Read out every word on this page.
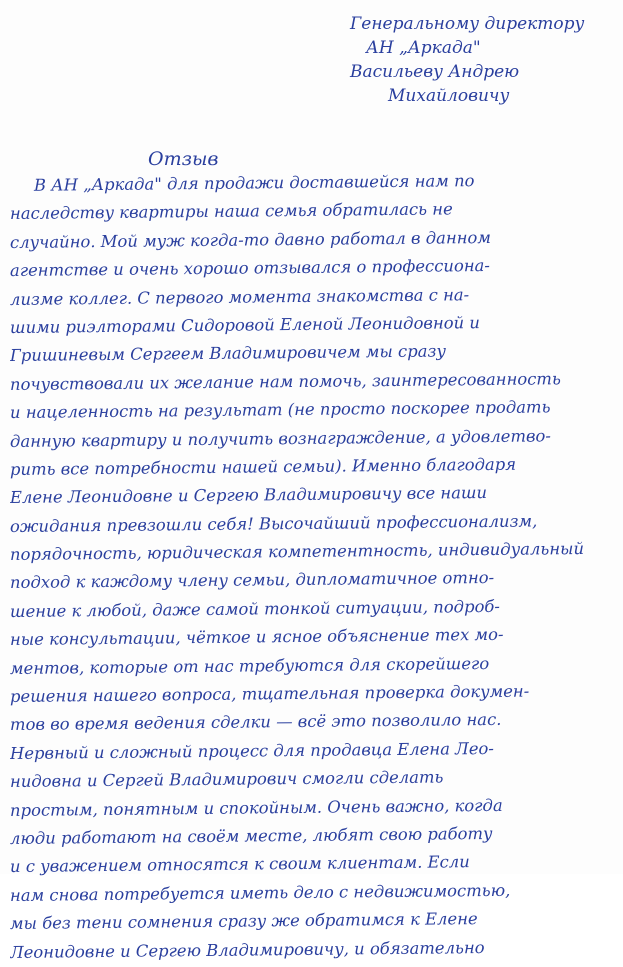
Генеральному директору
АН „Аркада"
Васильеву Андрею
Михайловичу
Отзыв
В АН „Аркада" для продажи доставшейся нам по
наследству квартиры наша семья обратилась не
случайно. Мой муж когда-то давно работал в данном
агентстве и очень хорошо отзывался о профессиона-
лизме коллег. С первого момента знакомства с на-
шими риэлторами Сидоровой Еленой Леонидовной и
Гришиневым Сергеем Владимировичем мы сразу
почувствовали их желание нам помочь, заинтересованность
и нацеленность на результат (не просто поскорее продать
данную квартиру и получить вознаграждение, а удовлетво-
рить все потребности нашей семьи). Именно благодаря
Елене Леонидовне и Сергею Владимировичу все наши
ожидания превзошли себя! Высочайший профессионализм,
порядочность, юридическая компетентность, индивидуальный
подход к каждому члену семьи, дипломатичное отно-
шение к любой, даже самой тонкой ситуации, подроб-
ные консультации, чёткое и ясное объяснение тех мо-
ментов, которые от нас требуются для скорейшего
решения нашего вопроса, тщательная проверка докумен-
тов во время ведения сделки — всё это позволило нас.
Нервный и сложный процесс для продавца Елена Лео-
нидовна и Сергей Владимирович смогли сделать
простым, понятным и спокойным. Очень важно, когда
люди работают на своём месте, любят свою работу
и с уважением относятся к своим клиентам. Если
нам снова потребуется иметь дело с недвижимостью,
мы без тени сомнения сразу же обратимся к Елене
Леонидовне и Сергею Владимировичу, и обязательно
